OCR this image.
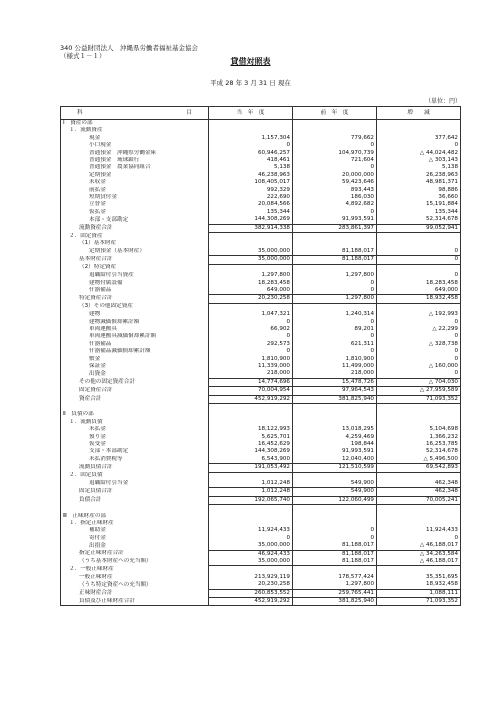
340 公益財団法人　沖縄県労働者福祉基金協会
（様式１－１）
貸借対照表
平成 28 年 3 月 31 日 現在
（単位：円）
科 目	当　年　度	前　年　度	増　　減
Ⅰ　資産の部			
１．流動資産			
現金	1,157,304	779,662	377,642
小口現金	0	0	0
普通預金　沖縄県労働金庫	60,946,257	104,970,739	△ 44,024,482
普通預金　琉球銀行	418,461	721,604	△ 303,143
普通預金　農業協同組合	5,138	0	5,138
定期預金	46,238,963	20,000,000	26,238,963
未収金	108,405,017	59,423,646	48,981,371
前払金	992,329	893,443	98,886
短期貸付金	222,690	186,030	36,660
立替金	20,084,566	4,892,682	15,191,884
仮払金	135,344	0	135,344
本部・支部勘定	144,308,269	91,993,591	52,314,678
流動資産合計	382,914,338	283,861,397	99,052,941
２．固定資産			
（1）基本財産			
定期預金（基本財産）	35,000,000	81,188,017	0
基本財産合計	35,000,000	81,188,017	0
（2）特定資産			
退職給付引当資産	1,297,800	1,297,800	0
建物付属設備	18,283,458	0	18,283,458
什器備品	649,000	0	649,000
特定資産合計	20,230,258	1,297,800	18,932,458
（3）その他固定資産			
建物	1,047,321	1,240,314	△ 192,993
建物減価償却累計額	0	0	0
車両運搬具	66,902	89,201	△ 22,299
車両運搬具減価償却累計額	0	0	0
什器備品	292,573	621,311	△ 328,738
什器備品減価償却累計額	0	0	0
敷金	1,810,900	1,810,900	0
保証金	11,339,000	11,499,000	△ 160,000
出資金	218,000	218,000	0
その他の固定資産合計	14,774,696	15,478,726	△ 704,030
固定資産合計	70,004,954	97,964,543	△ 27,959,589
資産合計	452,919,292	381,825,940	71,093,352

Ⅱ　負債の部			
１．流動負債			
未払金	18,122,993	13,018,295	5,104,698
預り金	5,625,701	4,259,469	1,366,232
仮受金	16,452,629	198,844	16,253,785
支部・本部勘定	144,308,269	91,993,591	52,314,678
未払消費税等	6,543,900	12,040,400	△ 5,496,500
流動負債合計	191,053,492	121,510,599	69,542,893
２．固定負債			
退職給付引当金	1,012,248	549,900	462,348
固定負債合計	1,012,248	549,900	462,348
負債合計	192,065,740	122,060,499	70,005,241

Ⅲ　正味財産の部			
１．指定正味財産			
補助金	11,924,433	0	11,924,433
寄付金	0	0	0
出捐金	35,000,000	81,188,017	△ 46,188,017
指定正味財産合計	46,924,433	81,188,017	△ 34,263,584
（うち基本財産への充当額）	35,000,000	81,188,017	△ 46,188,017
２．一般正味財産			
一般正味財産	213,929,119	178,577,424	35,351,695
（うち特定資産への充当額）	20,230,258	1,297,800	18,932,458
正味財産合計	260,853,552	259,765,441	1,088,111
負債及び正味財産合計	452,919,292	381,825,940	71,093,352
